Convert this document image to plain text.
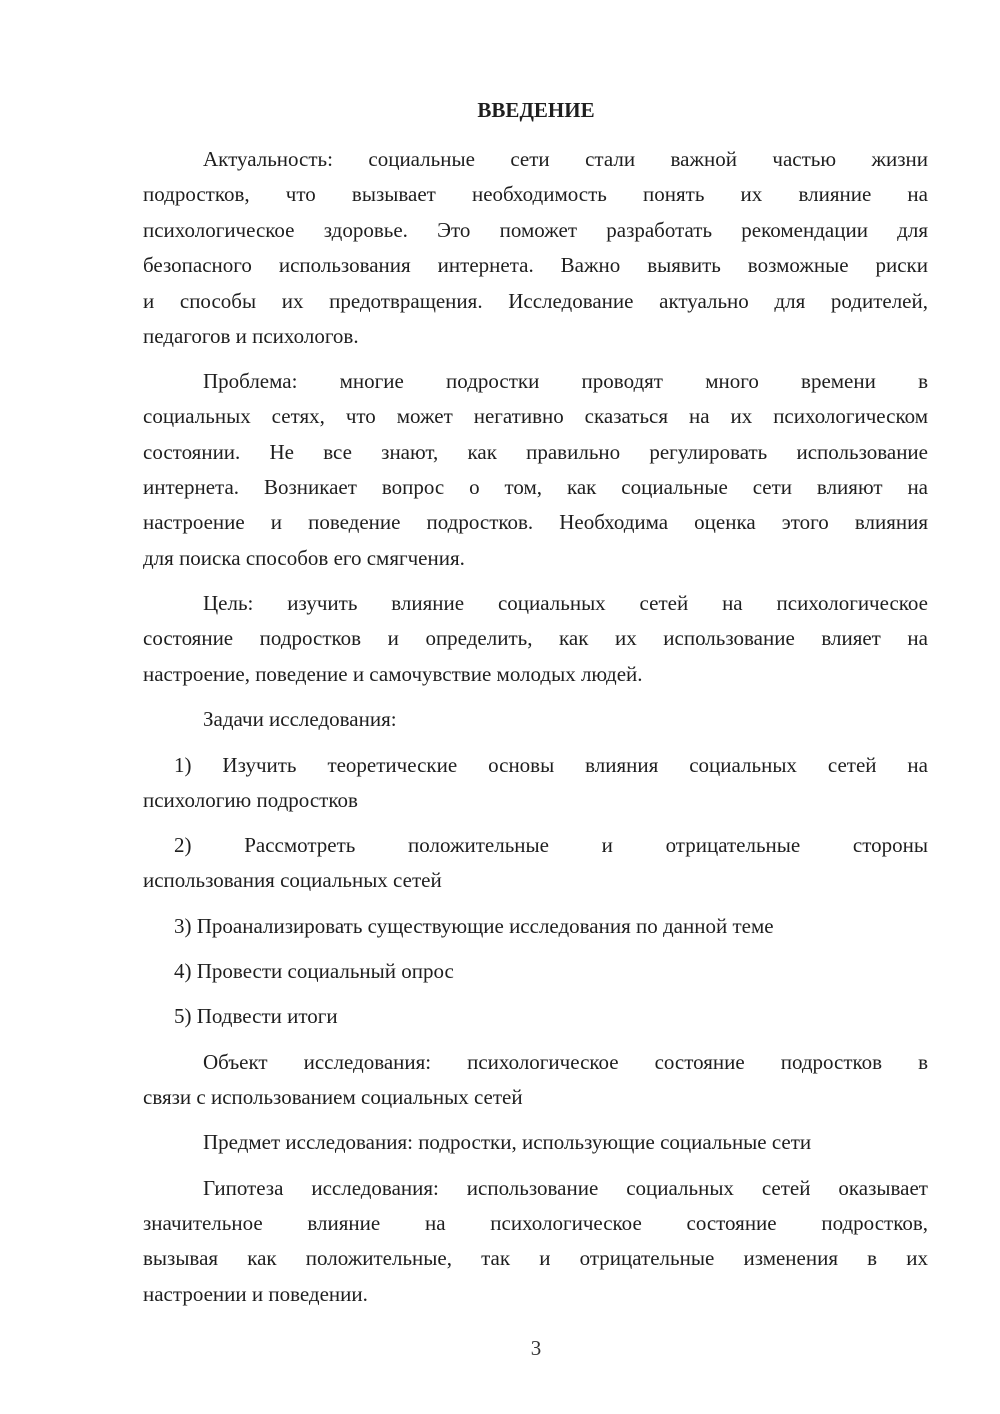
ВВЕДЕНИЕ
Актуальность: социальные сети стали важной частью жизни
подростков, что вызывает необходимость понять их влияние на
психологическое здоровье. Это поможет разработать рекомендации для
безопасного использования интернета. Важно выявить возможные риски
и способы их предотвращения. Исследование актуально для родителей,
педагогов и психологов.
Проблема: многие подростки проводят много времени в
социальных сетях, что может негативно сказаться на их психологическом
состоянии. Не все знают, как правильно регулировать использование
интернета. Возникает вопрос о том, как социальные сети влияют на
настроение и поведение подростков. Необходима оценка этого влияния
для поиска способов его смягчения.
Цель: изучить влияние социальных сетей на психологическое
состояние подростков и определить, как их использование влияет на
настроение, поведение и самочувствие молодых людей.
Задачи исследования:
1) Изучить теоретические основы влияния социальных сетей на
психологию подростков
2) Рассмотреть положительные и отрицательные стороны
использования социальных сетей
3) Проанализировать существующие исследования по данной теме
4) Провести социальный опрос
5) Подвести итоги
Объект исследования: психологическое состояние подростков в
связи с использованием социальных сетей
Предмет исследования: подростки, использующие социальные сети
Гипотеза исследования: использование социальных сетей оказывает
значительное влияние на психологическое состояние подростков,
вызывая как положительные, так и отрицательные изменения в их
настроении и поведении.
3
